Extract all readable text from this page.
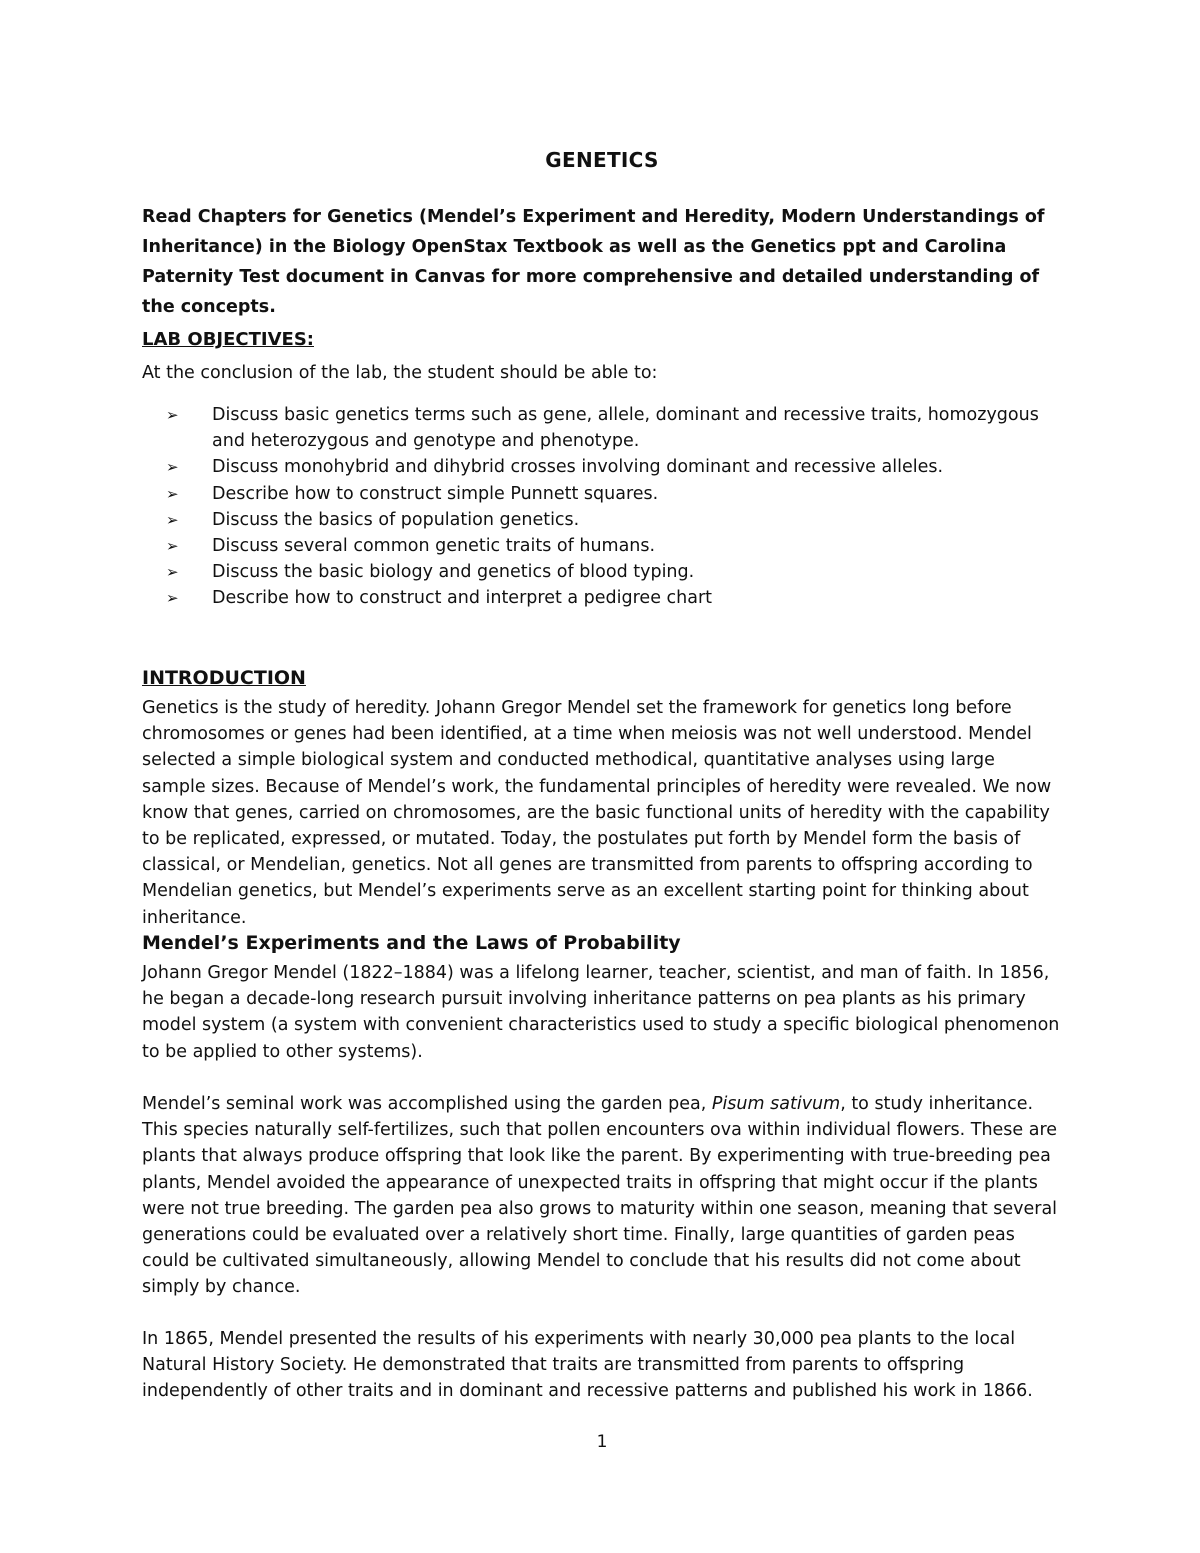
GENETICS
Read Chapters for Genetics (Mendel’s Experiment and Heredity, Modern Understandings of Inheritance) in the Biology OpenStax Textbook as well as the Genetics ppt and Carolina Paternity Test document in Canvas for more comprehensive and detailed understanding of the concepts.
LAB OBJECTIVES:
At the conclusion of the lab, the student should be able to:
➢	Discuss basic genetics terms such as gene, allele, dominant and recessive traits, homozygous and heterozygous and genotype and phenotype.
➢	Discuss monohybrid and dihybrid crosses involving dominant and recessive alleles.
➢	Describe how to construct simple Punnett squares.
➢	Discuss the basics of population genetics.
➢	Discuss several common genetic traits of humans.
➢	Discuss the basic biology and genetics of blood typing.
➢	Describe how to construct and interpret a pedigree chart
INTRODUCTION
Genetics is the study of heredity. Johann Gregor Mendel set the framework for genetics long before chromosomes or genes had been identified, at a time when meiosis was not well understood. Mendel selected a simple biological system and conducted methodical, quantitative analyses using large sample sizes. Because of Mendel’s work, the fundamental principles of heredity were revealed. We now know that genes, carried on chromosomes, are the basic functional units of heredity with the capability to be replicated, expressed, or mutated. Today, the postulates put forth by Mendel form the basis of classical, or Mendelian, genetics. Not all genes are transmitted from parents to offspring according to Mendelian genetics, but Mendel’s experiments serve as an excellent starting point for thinking about inheritance.
Mendel’s Experiments and the Laws of Probability
Johann Gregor Mendel (1822–1884) was a lifelong learner, teacher, scientist, and man of faith. In 1856, he began a decade-long research pursuit involving inheritance patterns on pea plants as his primary model system (a system with convenient characteristics used to study a specific biological phenomenon to be applied to other systems).
Mendel’s seminal work was accomplished using the garden pea, Pisum sativum, to study inheritance. This species naturally self-fertilizes, such that pollen encounters ova within individual flowers. These are plants that always produce offspring that look like the parent. By experimenting with true-breeding pea plants, Mendel avoided the appearance of unexpected traits in offspring that might occur if the plants were not true breeding. The garden pea also grows to maturity within one season, meaning that several generations could be evaluated over a relatively short time. Finally, large quantities of garden peas could be cultivated simultaneously, allowing Mendel to conclude that his results did not come about simply by chance.
In 1865, Mendel presented the results of his experiments with nearly 30,000 pea plants to the local Natural History Society. He demonstrated that traits are transmitted from parents to offspring independently of other traits and in dominant and recessive patterns and published his work in 1866.
1
